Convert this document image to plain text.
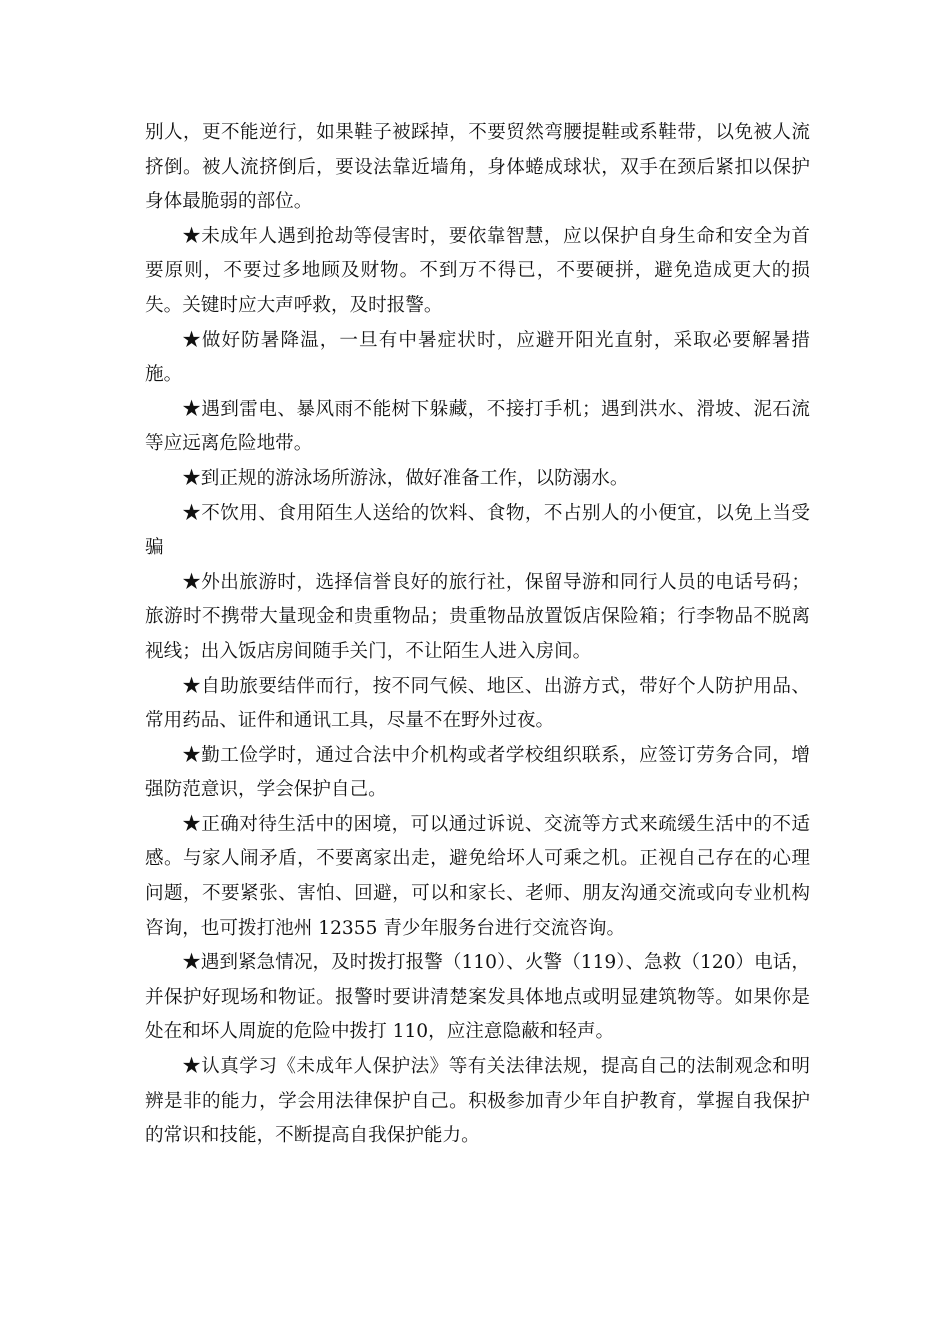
别人，更不能逆行，如果鞋子被踩掉，不要贸然弯腰提鞋或系鞋带，以免被人流挤倒。被人流挤倒后，要设法靠近墙角，身体蜷成球状，双手在颈后紧扣以保护身体最脆弱的部位。

★未成年人遇到抢劫等侵害时，要依靠智慧，应以保护自身生命和安全为首要原则，不要过多地顾及财物。不到万不得已，不要硬拼，避免造成更大的损失。关键时应大声呼救，及时报警。

★做好防暑降温，一旦有中暑症状时，应避开阳光直射，采取必要解暑措施。

★遇到雷电、暴风雨不能树下躲藏，不接打手机；遇到洪水、滑坡、泥石流等应远离危险地带。

★到正规的游泳场所游泳，做好准备工作，以防溺水。

★不饮用、食用陌生人送给的饮料、食物，不占别人的小便宜，以免上当受骗

★外出旅游时，选择信誉良好的旅行社，保留导游和同行人员的电话号码；旅游时不携带大量现金和贵重物品；贵重物品放置饭店保险箱；行李物品不脱离视线；出入饭店房间随手关门，不让陌生人进入房间。

★自助旅要结伴而行，按不同气候、地区、出游方式，带好个人防护用品、常用药品、证件和通讯工具，尽量不在野外过夜。

★勤工俭学时，通过合法中介机构或者学校组织联系，应签订劳务合同，增强防范意识，学会保护自己。

★正确对待生活中的困境，可以通过诉说、交流等方式来疏缓生活中的不适感。与家人闹矛盾，不要离家出走，避免给坏人可乘之机。正视自己存在的心理问题，不要紧张、害怕、回避，可以和家长、老师、朋友沟通交流或向专业机构咨询，也可拨打池州 12355 青少年服务台进行交流咨询。

★遇到紧急情况，及时拨打报警（110）、火警（119）、急救（120）电话，并保护好现场和物证。报警时要讲清楚案发具体地点或明显建筑物等。如果你是处在和坏人周旋的危险中拨打 110，应注意隐蔽和轻声。

★认真学习《未成年人保护法》等有关法律法规，提高自己的法制观念和明辨是非的能力，学会用法律保护自己。积极参加青少年自护教育，掌握自我保护的常识和技能，不断提高自我保护能力。
